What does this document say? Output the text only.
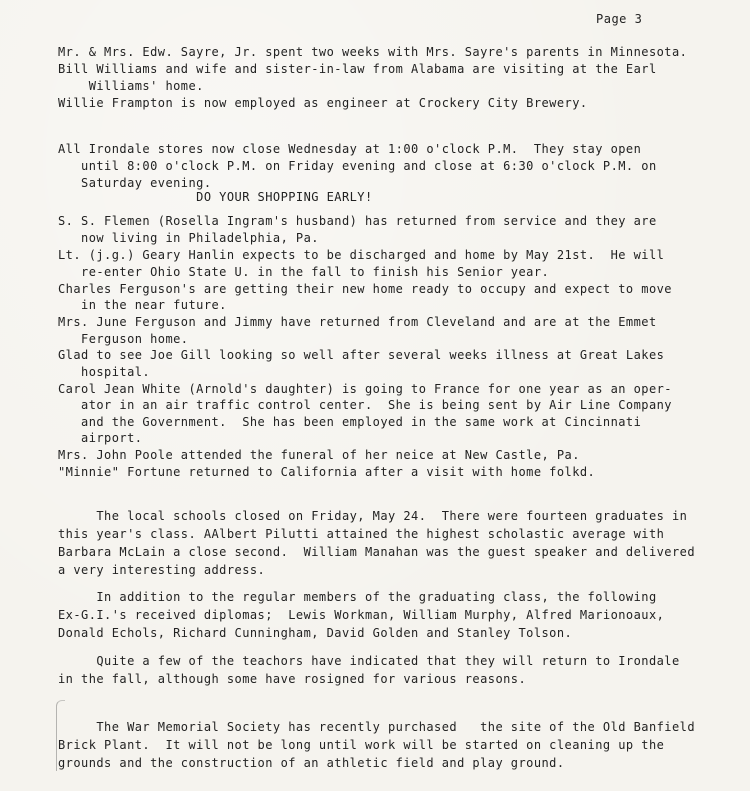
Page 3
Mr. & Mrs. Edw. Sayre, Jr. spent two weeks with Mrs. Sayre's parents in Minnesota.
Bill Williams and wife and sister-in-law from Alabama are visiting at the Earl
Williams' home.
Willie Frampton is now employed as engineer at Crockery City Brewery.
All Irondale stores now close Wednesday at 1:00 o'clock P.M.  They stay open
until 8:00 o'clock P.M. on Friday evening and close at 6:30 o'clock P.M. on
Saturday evening.
DO YOUR SHOPPING EARLY!
S. S. Flemen (Rosella Ingram's husband) has returned from service and they are
now living in Philadelphia, Pa.
Lt. (j.g.) Geary Hanlin expects to be discharged and home by May 21st.  He will
re-enter Ohio State U. in the fall to finish his Senior year.
Charles Ferguson's are getting their new home ready to occupy and expect to move
in the near future.
Mrs. June Ferguson and Jimmy have returned from Cleveland and are at the Emmet
Ferguson home.
Glad to see Joe Gill looking so well after several weeks illness at Great Lakes
hospital.
Carol Jean White (Arnold's daughter) is going to France for one year as an oper-
ator in an air traffic control center.  She is being sent by Air Line Company
and the Government.  She has been employed in the same work at Cincinnati
airport.
Mrs. John Poole attended the funeral of her neice at New Castle, Pa.
"Minnie" Fortune returned to California after a visit with home folkd.
The local schools closed on Friday, May 24.  There were fourteen graduates in
this year's class. AAlbert Pilutti attained the highest scholastic average with
Barbara McLain a close second.  William Manahan was the guest speaker and delivered
a very interesting address.
In addition to the regular members of the graduating class, the following
Ex-G.I.'s received diplomas;  Lewis Workman, William Murphy, Alfred Marionoaux,
Donald Echols, Richard Cunningham, David Golden and Stanley Tolson.
Quite a few of the teachors have indicated that they will return to Irondale
in the fall, although some have rosigned for various reasons.
The War Memorial Society has recently purchased   the site of the Old Banfield
Brick Plant.  It will not be long until work will be started on cleaning up the
grounds and the construction of an athletic field and play ground.
